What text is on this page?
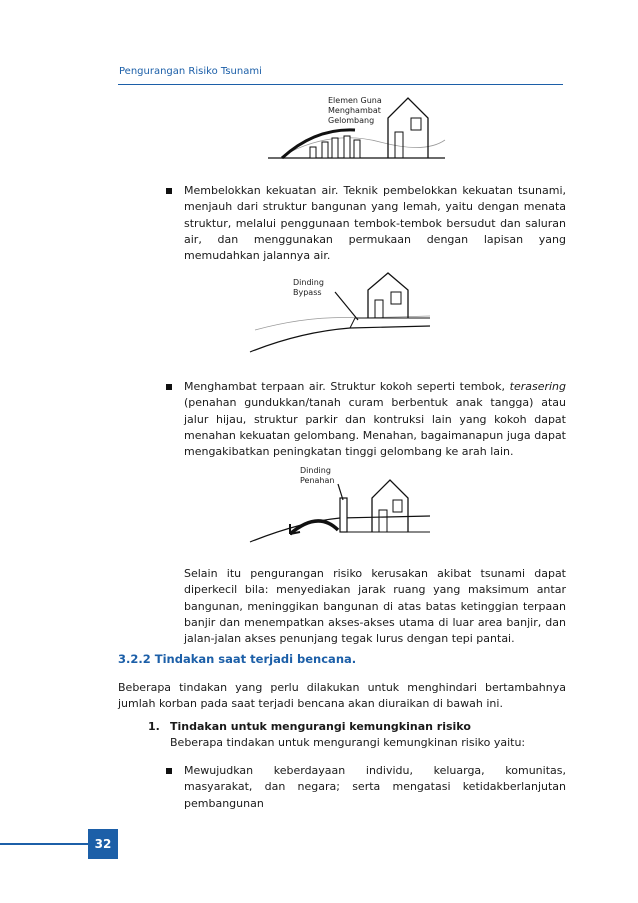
Pengurangan Risiko Tsunami
Elemen Guna
Menghambat
Gelombang
Membelokkan kekuatan air. Teknik pembelokkan kekuatan tsunami, menjauh dari struktur bangunan yang lemah, yaitu dengan menata struktur, melalui penggunaan tembok-tembok bersudut dan saluran air, dan menggunakan permukaan dengan lapisan yang memudahkan jalannya air.
Dinding
Bypass
Menghambat terpaan air. Struktur kokoh seperti tembok, terasering (penahan gundukkan/tanah curam berbentuk anak tangga) atau jalur hijau, struktur parkir dan kontruksi lain yang kokoh dapat menahan kekuatan gelombang. Menahan, bagaimanapun juga dapat mengakibatkan peningkatan tinggi gelombang ke arah lain.
Dinding
Penahan
Selain itu pengurangan risiko kerusakan akibat tsunami dapat diperkecil bila: menyediakan jarak ruang yang maksimum antar bangunan, meninggikan bangunan di atas batas ketinggian terpaan banjir dan menempatkan akses-akses utama di luar area banjir, dan jalan-jalan akses penunjang tegak lurus dengan tepi pantai.
3.2.2 Tindakan saat terjadi bencana.
Beberapa tindakan yang perlu dilakukan untuk menghindari bertambahnya jumlah korban pada saat terjadi bencana akan diuraikan di bawah ini.
1. Tindakan untuk mengurangi kemungkinan risiko
Beberapa tindakan untuk mengurangi kemungkinan risiko yaitu:
Mewujudkan keberdayaan individu, keluarga, komunitas, masyarakat, dan negara; serta mengatasi ketidakberlanjutan pembangunan
32
